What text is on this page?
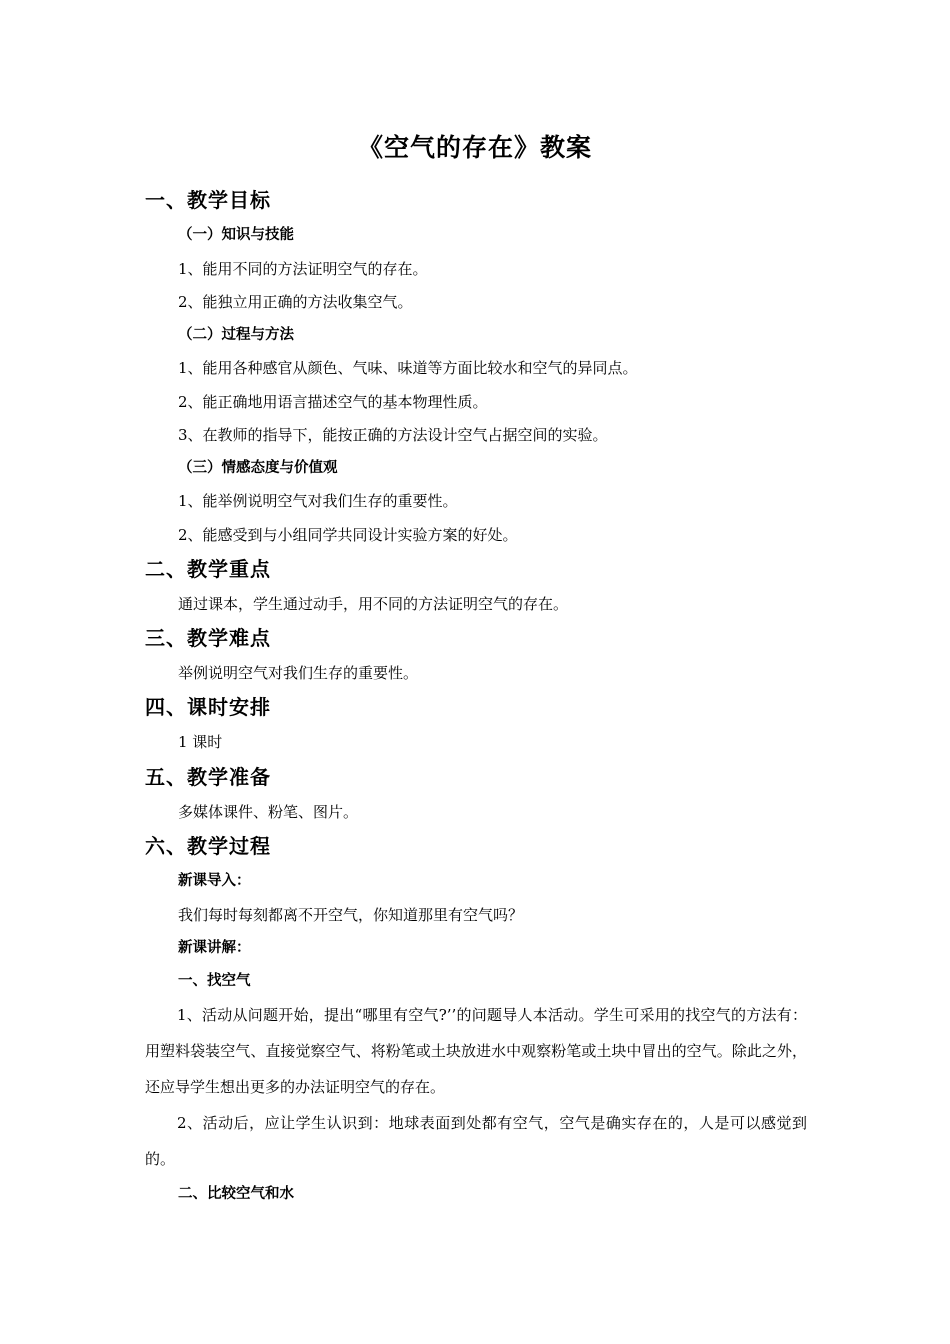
《空气的存在》教案
一、教学目标
（一）知识与技能
1、能用不同的方法证明空气的存在。
2、能独立用正确的方法收集空气。
（二）过程与方法
1、能用各种感官从颜色、气味、味道等方面比较水和空气的异同点。
2、能正确地用语言描述空气的基本物理性质。
3、在教师的指导下，能按正确的方法设计空气占据空间的实验。
（三）情感态度与价值观
1、能举例说明空气对我们生存的重要性。
2、能感受到与小组同学共同设计实验方案的好处。
二、教学重点
通过课本，学生通过动手，用不同的方法证明空气的存在。
三、教学难点
举例说明空气对我们生存的重要性。
四、课时安排
1 课时
五、教学准备
多媒体课件、粉笔、图片。
六、教学过程
新课导入：
我们每时每刻都离不开空气，你知道那里有空气吗？
新课讲解：
一、找空气
1、活动从问题开始，提出“哪里有空气?’’的问题导人本活动。学生可采用的找空气的方法有：用塑料袋装空气、直接觉察空气、将粉笔或土块放进水中观察粉笔或土块中冒出的空气。除此之外，还应导学生想出更多的办法证明空气的存在。
2、活动后，应让学生认识到：地球表面到处都有空气，空气是确实存在的，人是可以感觉到的。
二、比较空气和水
